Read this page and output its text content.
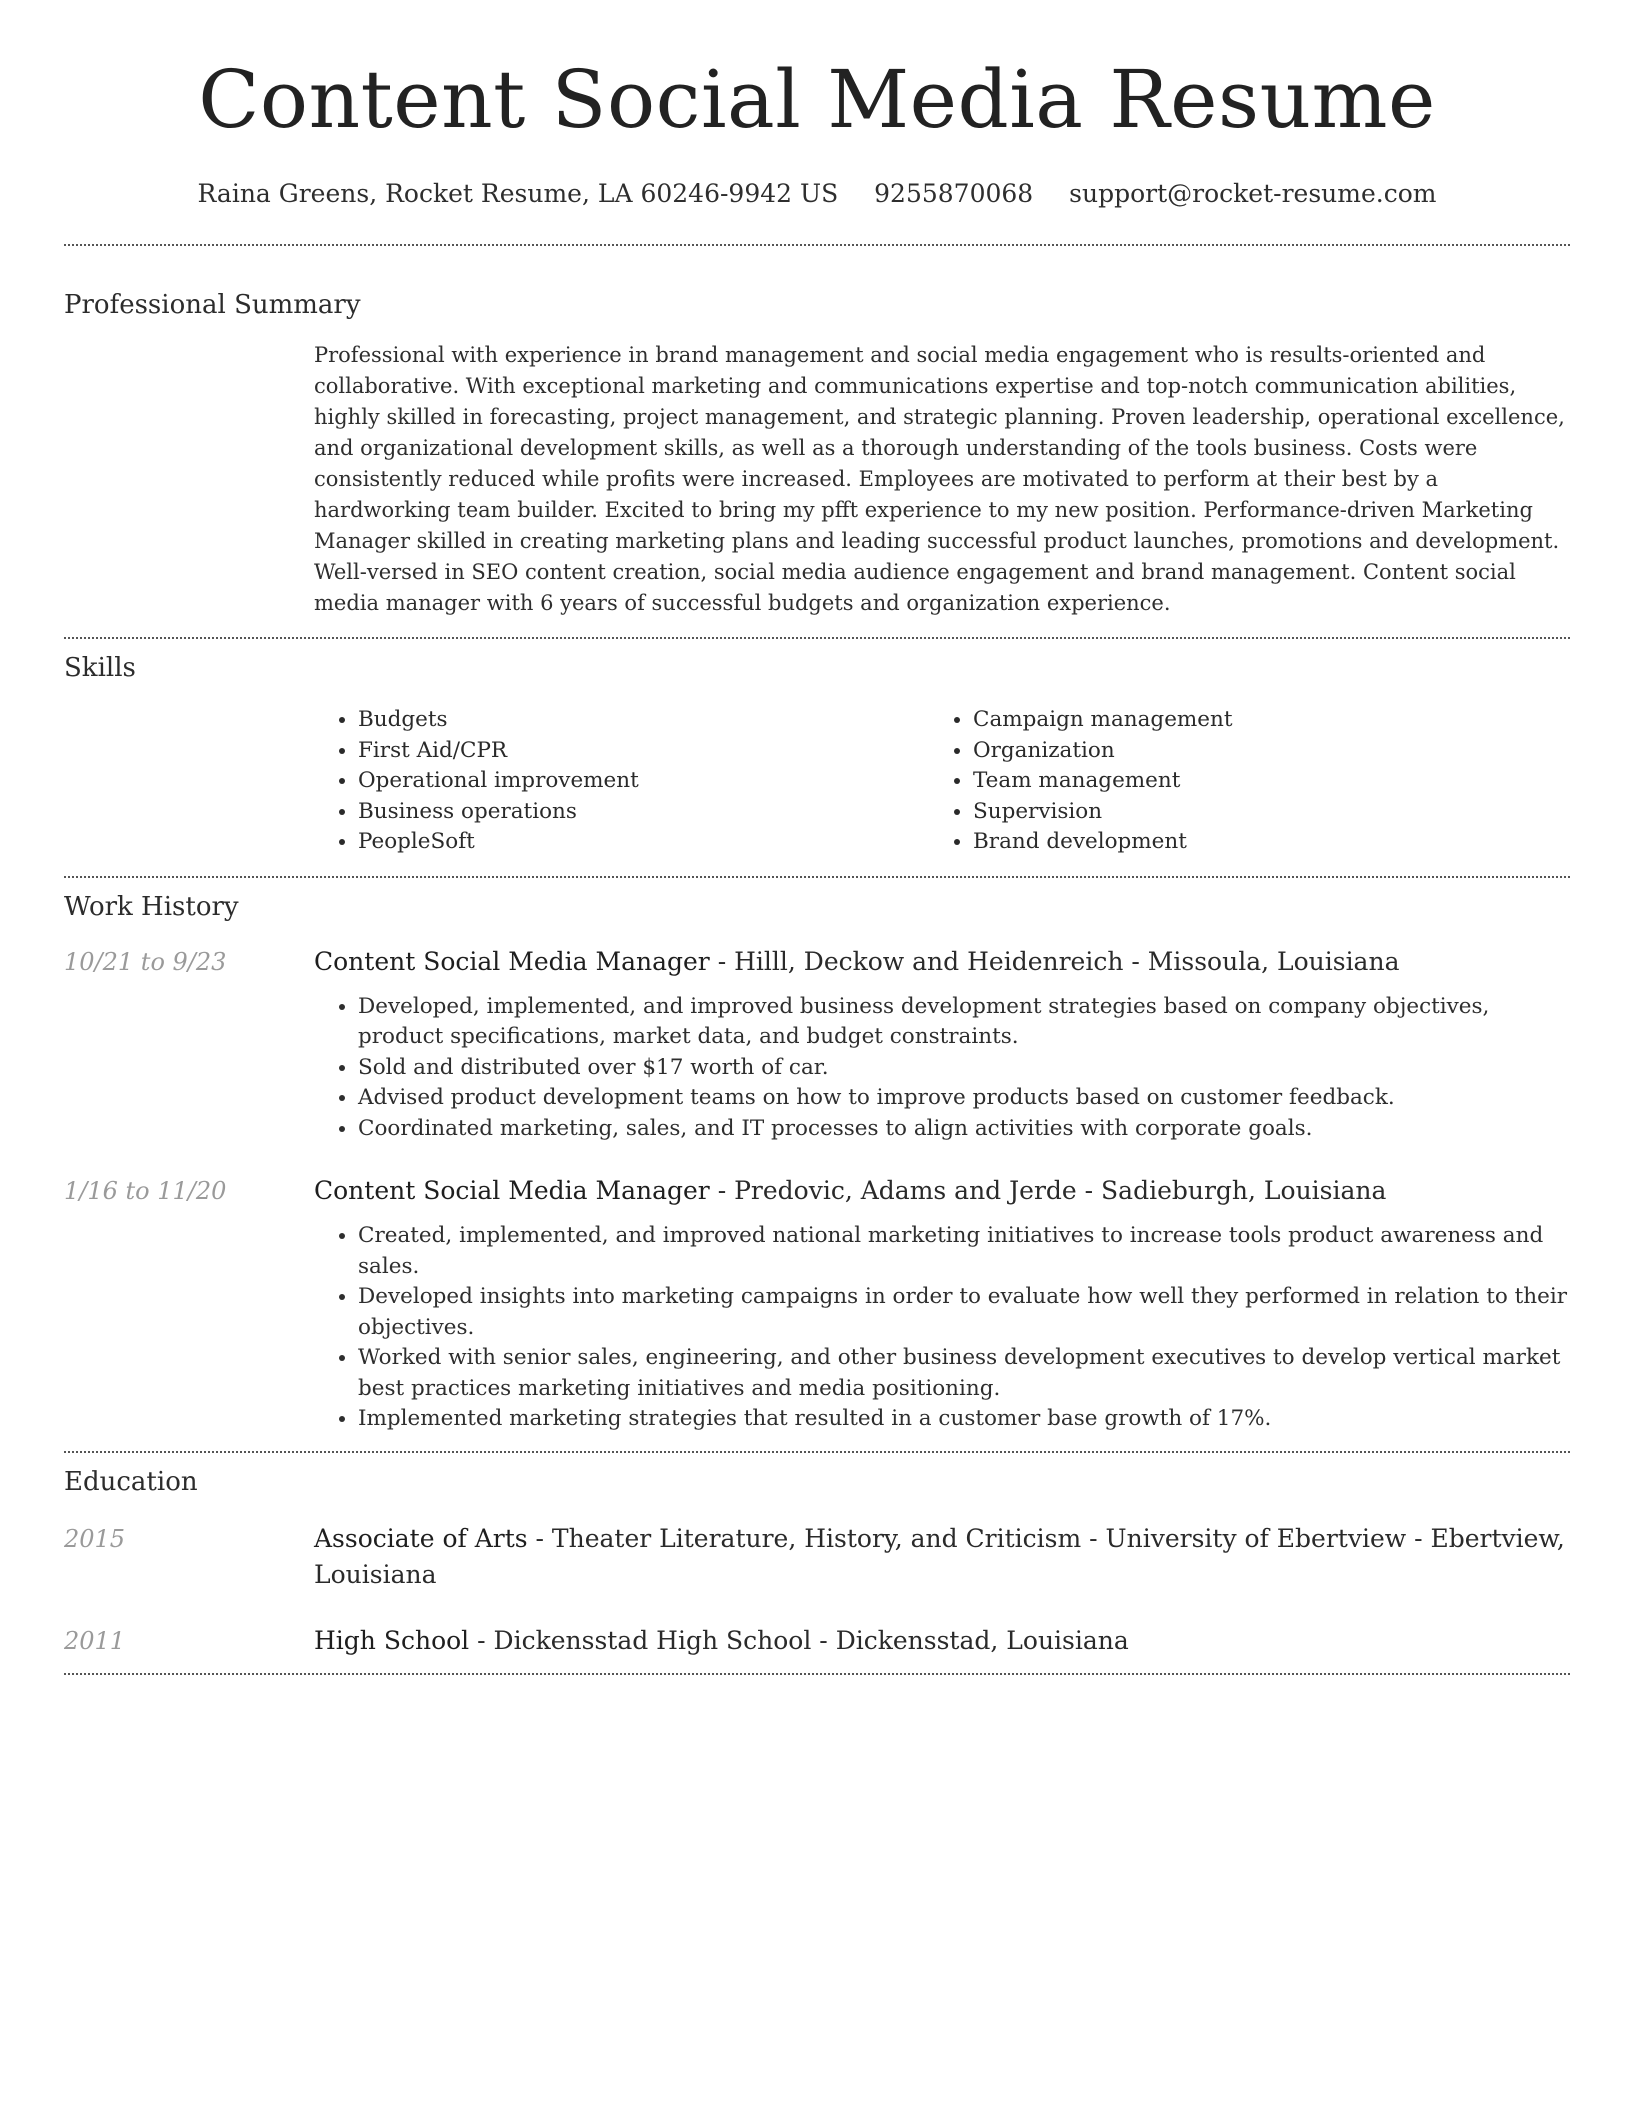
Content Social Media Resume
Raina Greens, Rocket Resume, LA 60246-9942 US 9255870068 support@rocket-resume.com
Professional Summary

Professional with experience in brand management and social media engagement who is results-oriented and collaborative. With exceptional marketing and communications expertise and top-notch communication abilities, highly skilled in forecasting, project management, and strategic planning. Proven leadership, operational excellence, and organizational development skills, as well as a thorough understanding of the tools business. Costs were consistently reduced while profits were increased. Employees are motivated to perform at their best by a hardworking team builder. Excited to bring my pfft experience to my new position. Performance-driven Marketing Manager skilled in creating marketing plans and leading successful product launches, promotions and development. Well-versed in SEO content creation, social media audience engagement and brand management. Content social media manager with 6 years of successful budgets and organization experience.

Skills
• Budgets
• First Aid/CPR
• Operational improvement
• Business operations
• PeopleSoft
• Campaign management
• Organization
• Team management
• Supervision
• Brand development
Work History
10/21 to 9/23	Content Social Media Manager - Hilll, Deckow and Heidenreich - Missoula, Louisiana
• Developed, implemented, and improved business development strategies based on company objectives, product specifications, market data, and budget constraints.
• Sold and distributed over $17 worth of car.
• Advised product development teams on how to improve products based on customer feedback.
• Coordinated marketing, sales, and IT processes to align activities with corporate goals.
1/16 to 11/20	Content Social Media Manager - Predovic, Adams and Jerde - Sadieburgh, Louisiana
• Created, implemented, and improved national marketing initiatives to increase tools product awareness and sales.
• Developed insights into marketing campaigns in order to evaluate how well they performed in relation to their objectives.
• Worked with senior sales, engineering, and other business development executives to develop vertical market best practices marketing initiatives and media positioning.
• Implemented marketing strategies that resulted in a customer base growth of 17%.
Education
2015	Associate of Arts - Theater Literature, History, and Criticism - University of Ebertview - Ebertview, Louisiana
2011	High School - Dickensstad High School - Dickensstad, Louisiana
